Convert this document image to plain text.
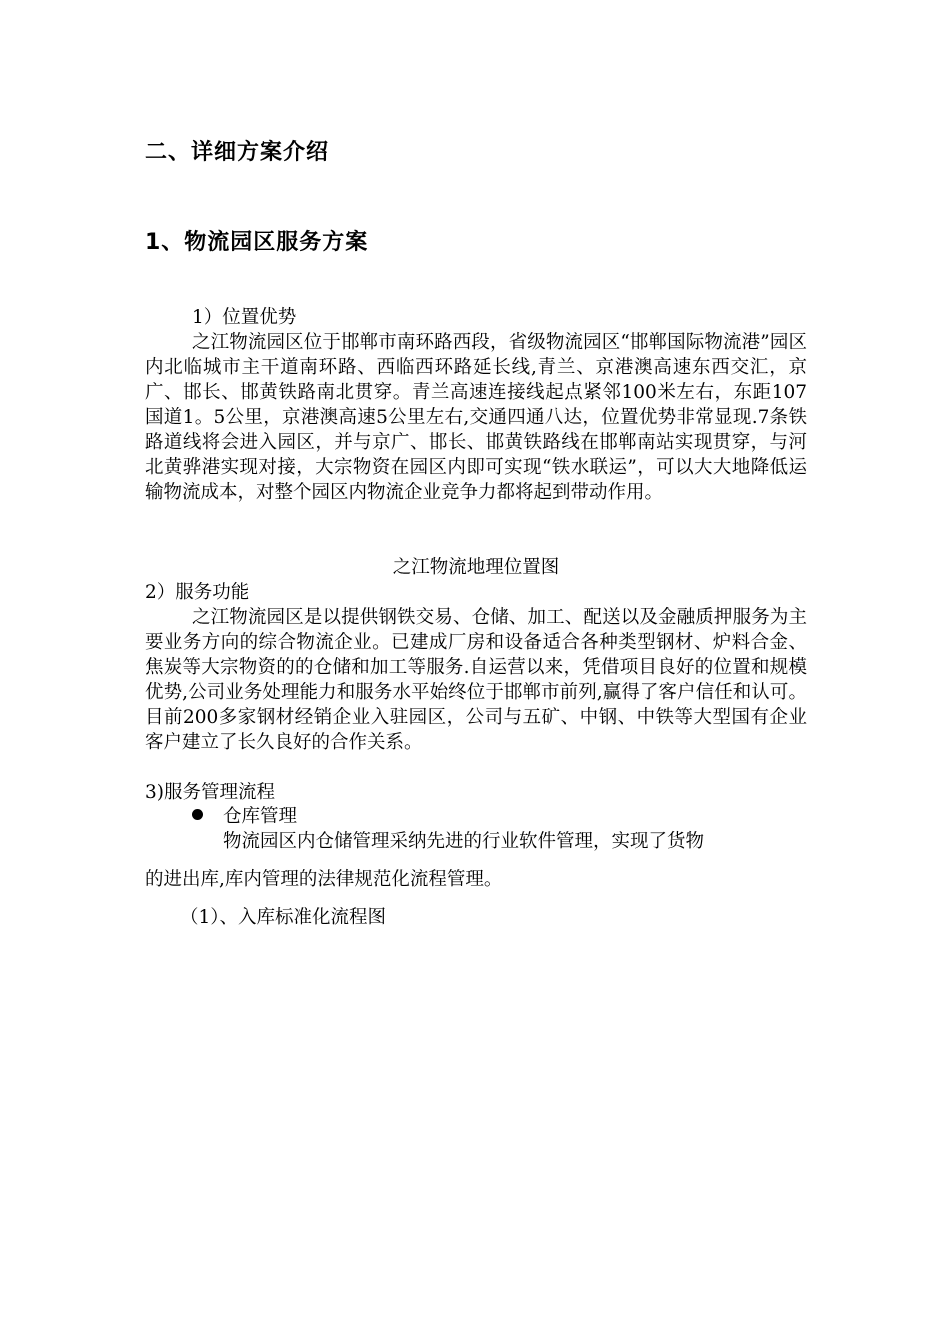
二、详细方案介绍
1、物流园区服务方案

1）位置优势

之江物流园区位于邯郸市南环路西段，省级物流园区“邯郸国际物流港”园区内北临城市主干道南环路、西临西环路延长线,青兰、京港澳高速东西交汇，京广、邯长、邯黄铁路南北贯穿。青兰高速连接线起点紧邻100米左右，东距107国道1。5公里，京港澳高速5公里左右,交通四通八达，位置优势非常显现.7条铁路道线将会进入园区，并与京广、邯长、邯黄铁路线在邯郸南站实现贯穿，与河北黄骅港实现对接，大宗物资在园区内即可实现“铁水联运”，可以大大地降低运输物流成本，对整个园区内物流企业竞争力都将起到带动作用。

之江物流地理位置图

2）服务功能

之江物流园区是以提供钢铁交易、仓储、加工、配送以及金融质押服务为主要业务方向的综合物流企业。已建成厂房和设备适合各种类型钢材、炉料合金、焦炭等大宗物资的的仓储和加工等服务.自运营以来，凭借项目良好的位置和规模优势,公司业务处理能力和服务水平始终位于邯郸市前列,赢得了客户信任和认可。目前200多家钢材经销企业入驻园区，公司与五矿、中钢、中铁等大型国有企业客户建立了长久良好的合作关系。

3)服务管理流程

仓库管理

物流园区内仓储管理采纳先进的行业软件管理，实现了货物

的进出库,库内管理的法律规范化流程管理。

（1）、入库标准化流程图
